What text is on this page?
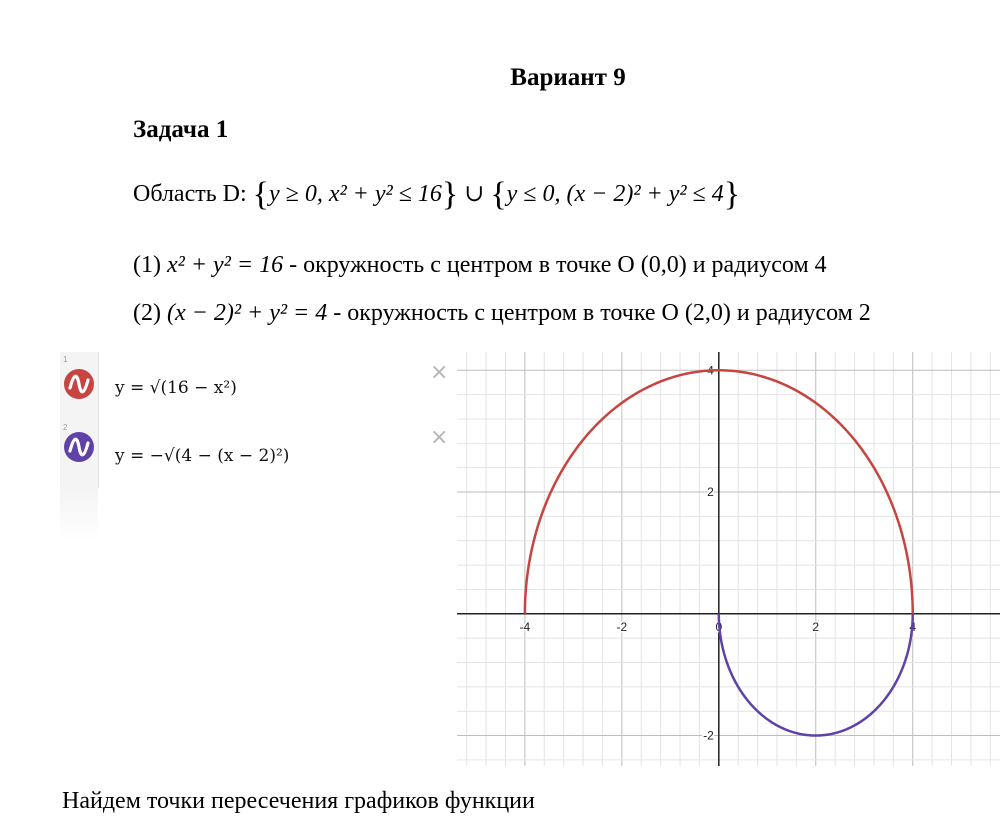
Вариант 9
Задача 1
Область D: {y ≥ 0, x² + y² ≤ 16} ∪ {y ≤ 0, (x − 2)² + y² ≤ 4}
(1) x² + y² = 16 - окружность с центром в точке О (0,0) и радиусом 4
(2) (x − 2)² + y² = 4 - окружность с центром в точке О (2,0) и радиусом 2
1
y = √(16 − x²)
×
2
y = −√(4 − (x − 2)²)
×
-4	-2	0	2	4
4
2
-2
Найдем точки пересечения графиков функции
